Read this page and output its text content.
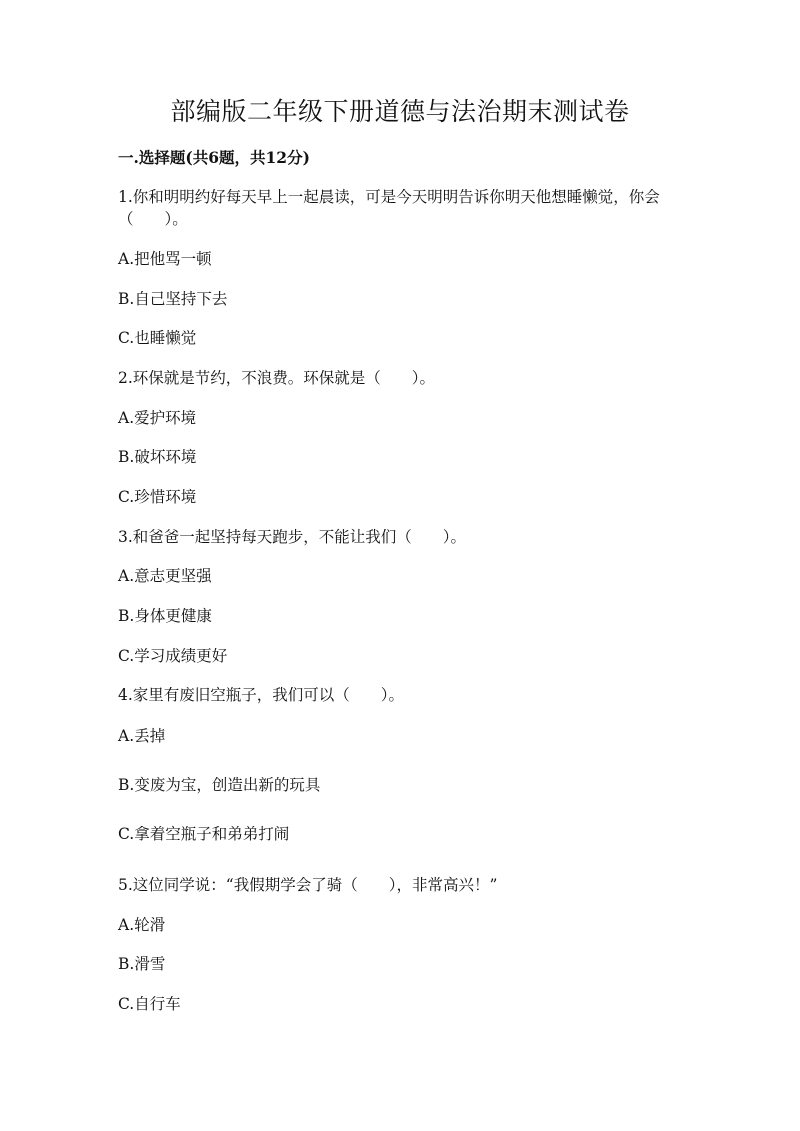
部编版二年级下册道德与法治期末测试卷
一.选择题(共6题，共12分)
1.你和明明约好每天早上一起晨读，可是今天明明告诉你明天他想睡懒觉，你会（　　）。
A.把他骂一顿
B.自己坚持下去
C.也睡懒觉
2.环保就是节约，不浪费。环保就是（　　）。
A.爱护环境
B.破坏环境
C.珍惜环境
3.和爸爸一起坚持每天跑步，不能让我们（　　）。
A.意志更坚强
B.身体更健康
C.学习成绩更好
4.家里有废旧空瓶子，我们可以（　　）。
A.丢掉
B.变废为宝，创造出新的玩具
C.拿着空瓶子和弟弟打闹
5.这位同学说：“我假期学会了骑（　　），非常高兴！”
A.轮滑
B.滑雪
C.自行车
